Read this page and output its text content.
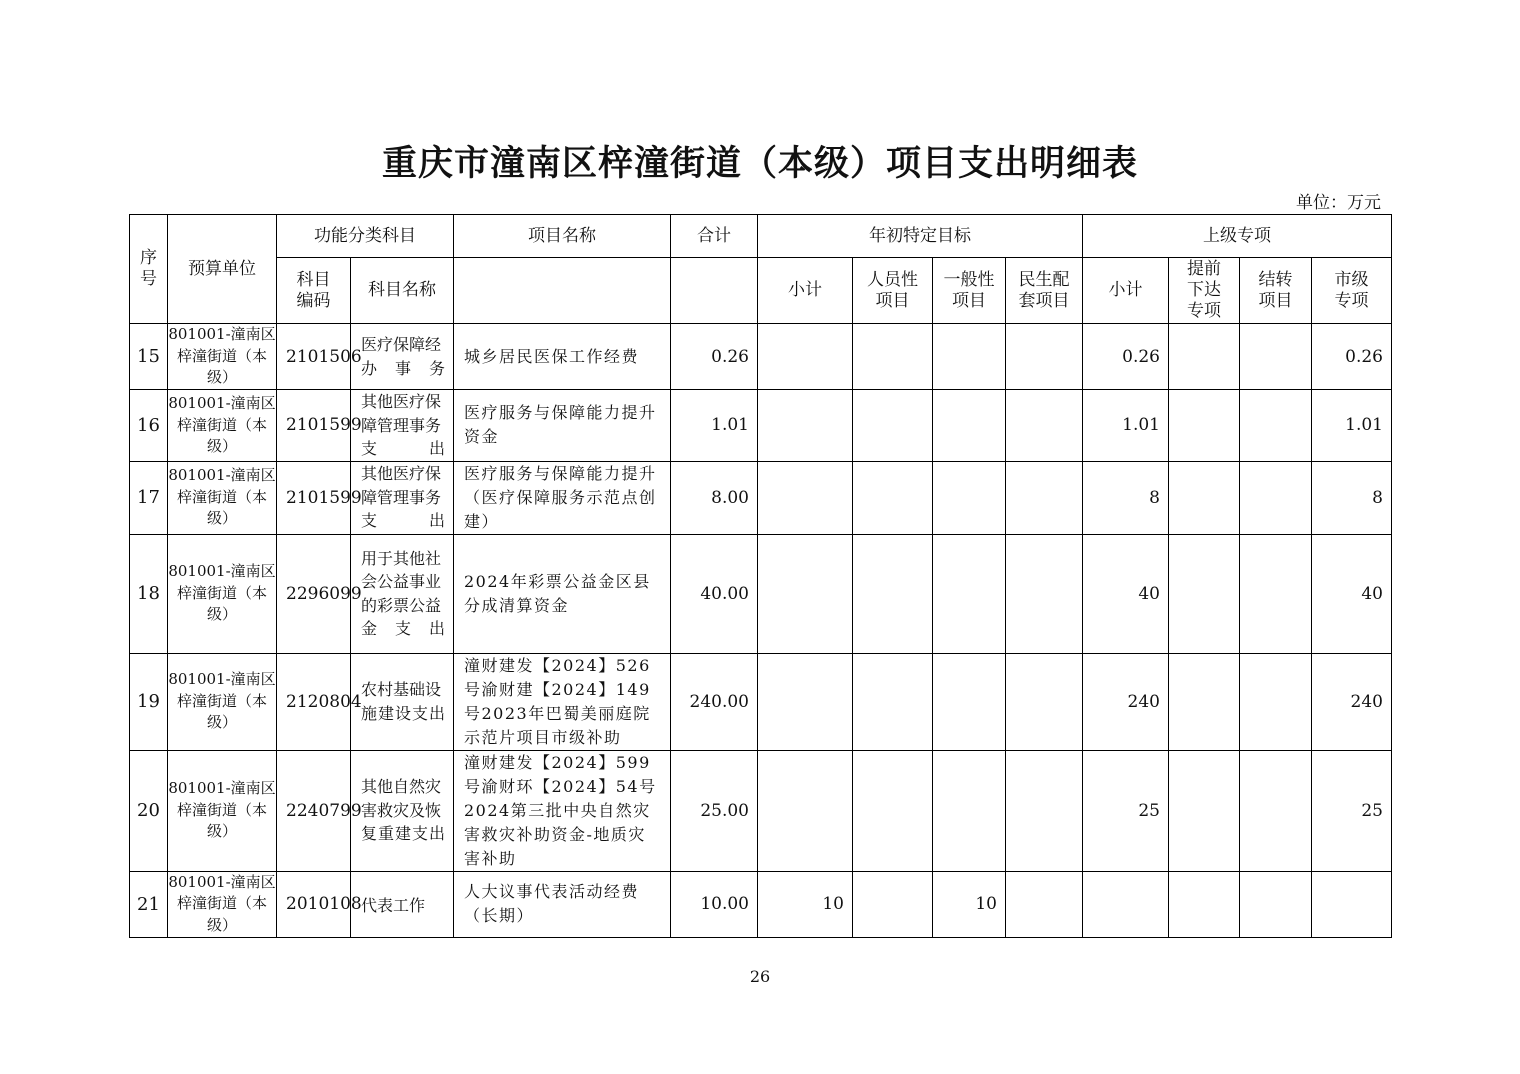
重庆市潼南区梓潼街道（本级）项目支出明细表
单位：万元
序号	预算单位	功能分类科目		项目名称	合计	年初特定目标				上级专项			
		科目编码	科目名称			小计	人员性项目	一般性项目	民生配套项目	小计	提前下达专项	结转项目	市级专项
15	801001-潼南区梓潼街道（本级）	2101506	医疗保障经办事务	城乡居民医保工作经费	0.26					0.26			0.26
16	801001-潼南区梓潼街道（本级）	2101599	其他医疗保障管理事务支出	医疗服务与保障能力提升资金	1.01					1.01			1.01
17	801001-潼南区梓潼街道（本级）	2101599	其他医疗保障管理事务支出	医疗服务与保障能力提升（医疗保障服务示范点创建）	8.00					8			8
18	801001-潼南区梓潼街道（本级）	2296099	用于其他社会公益事业的彩票公益金支出	2024年彩票公益金区县分成清算资金	40.00					40			40
19	801001-潼南区梓潼街道（本级）	2120804	农村基础设施建设支出	潼财建发【2024】526号渝财建【2024】149号2023年巴蜀美丽庭院示范片项目市级补助	240.00					240			240
20	801001-潼南区梓潼街道（本级）	2240799	其他自然灾害救灾及恢复重建支出	潼财建发【2024】599号渝财环【2024】54号2024第三批中央自然灾害救灾补助资金-地质灾害补助	25.00					25			25
21	801001-潼南区梓潼街道（本级）	2010108	代表工作	人大议事代表活动经费（长期）	10.00	10		10					
26
